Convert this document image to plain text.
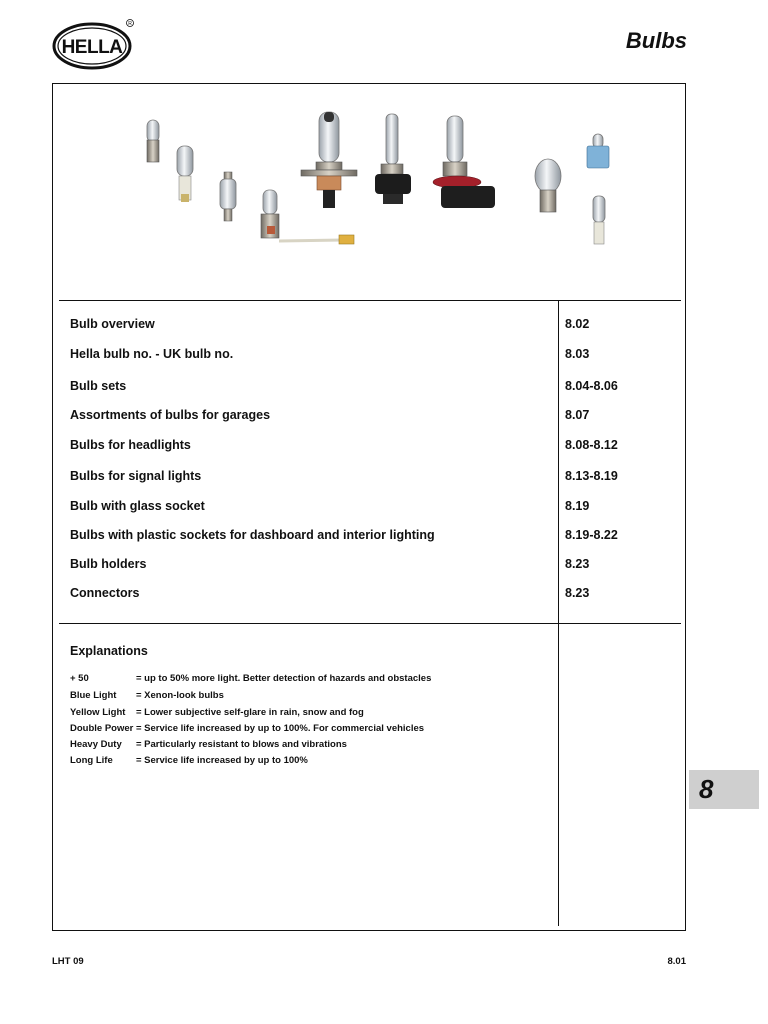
HELLA
R
Bulbs
Bulb overview	8.02
Hella bulb no. - UK bulb no.	8.03
Bulb sets	8.04-8.06
Assortments of bulbs for garages	8.07
Bulbs for headlights	8.08-8.12
Bulbs for signal lights	8.13-8.19
Bulb with glass socket	8.19
Bulbs with plastic sockets for dashboard and interior lighting	8.19-8.22
Bulb holders	8.23
Connectors	8.23
Explanations
+ 50	= up to 50% more light. Better detection of hazards and obstacles
Blue Light = Xenon-look bulbs
Yellow Light = Lower subjective self-glare in rain, snow and fog
Double Power = Service life increased by up to 100%. For commercial vehicles
Heavy Duty = Particularly resistant to blows and vibrations
Long Life = Service life increased by up to 100%
8
LHT 09	8.01
